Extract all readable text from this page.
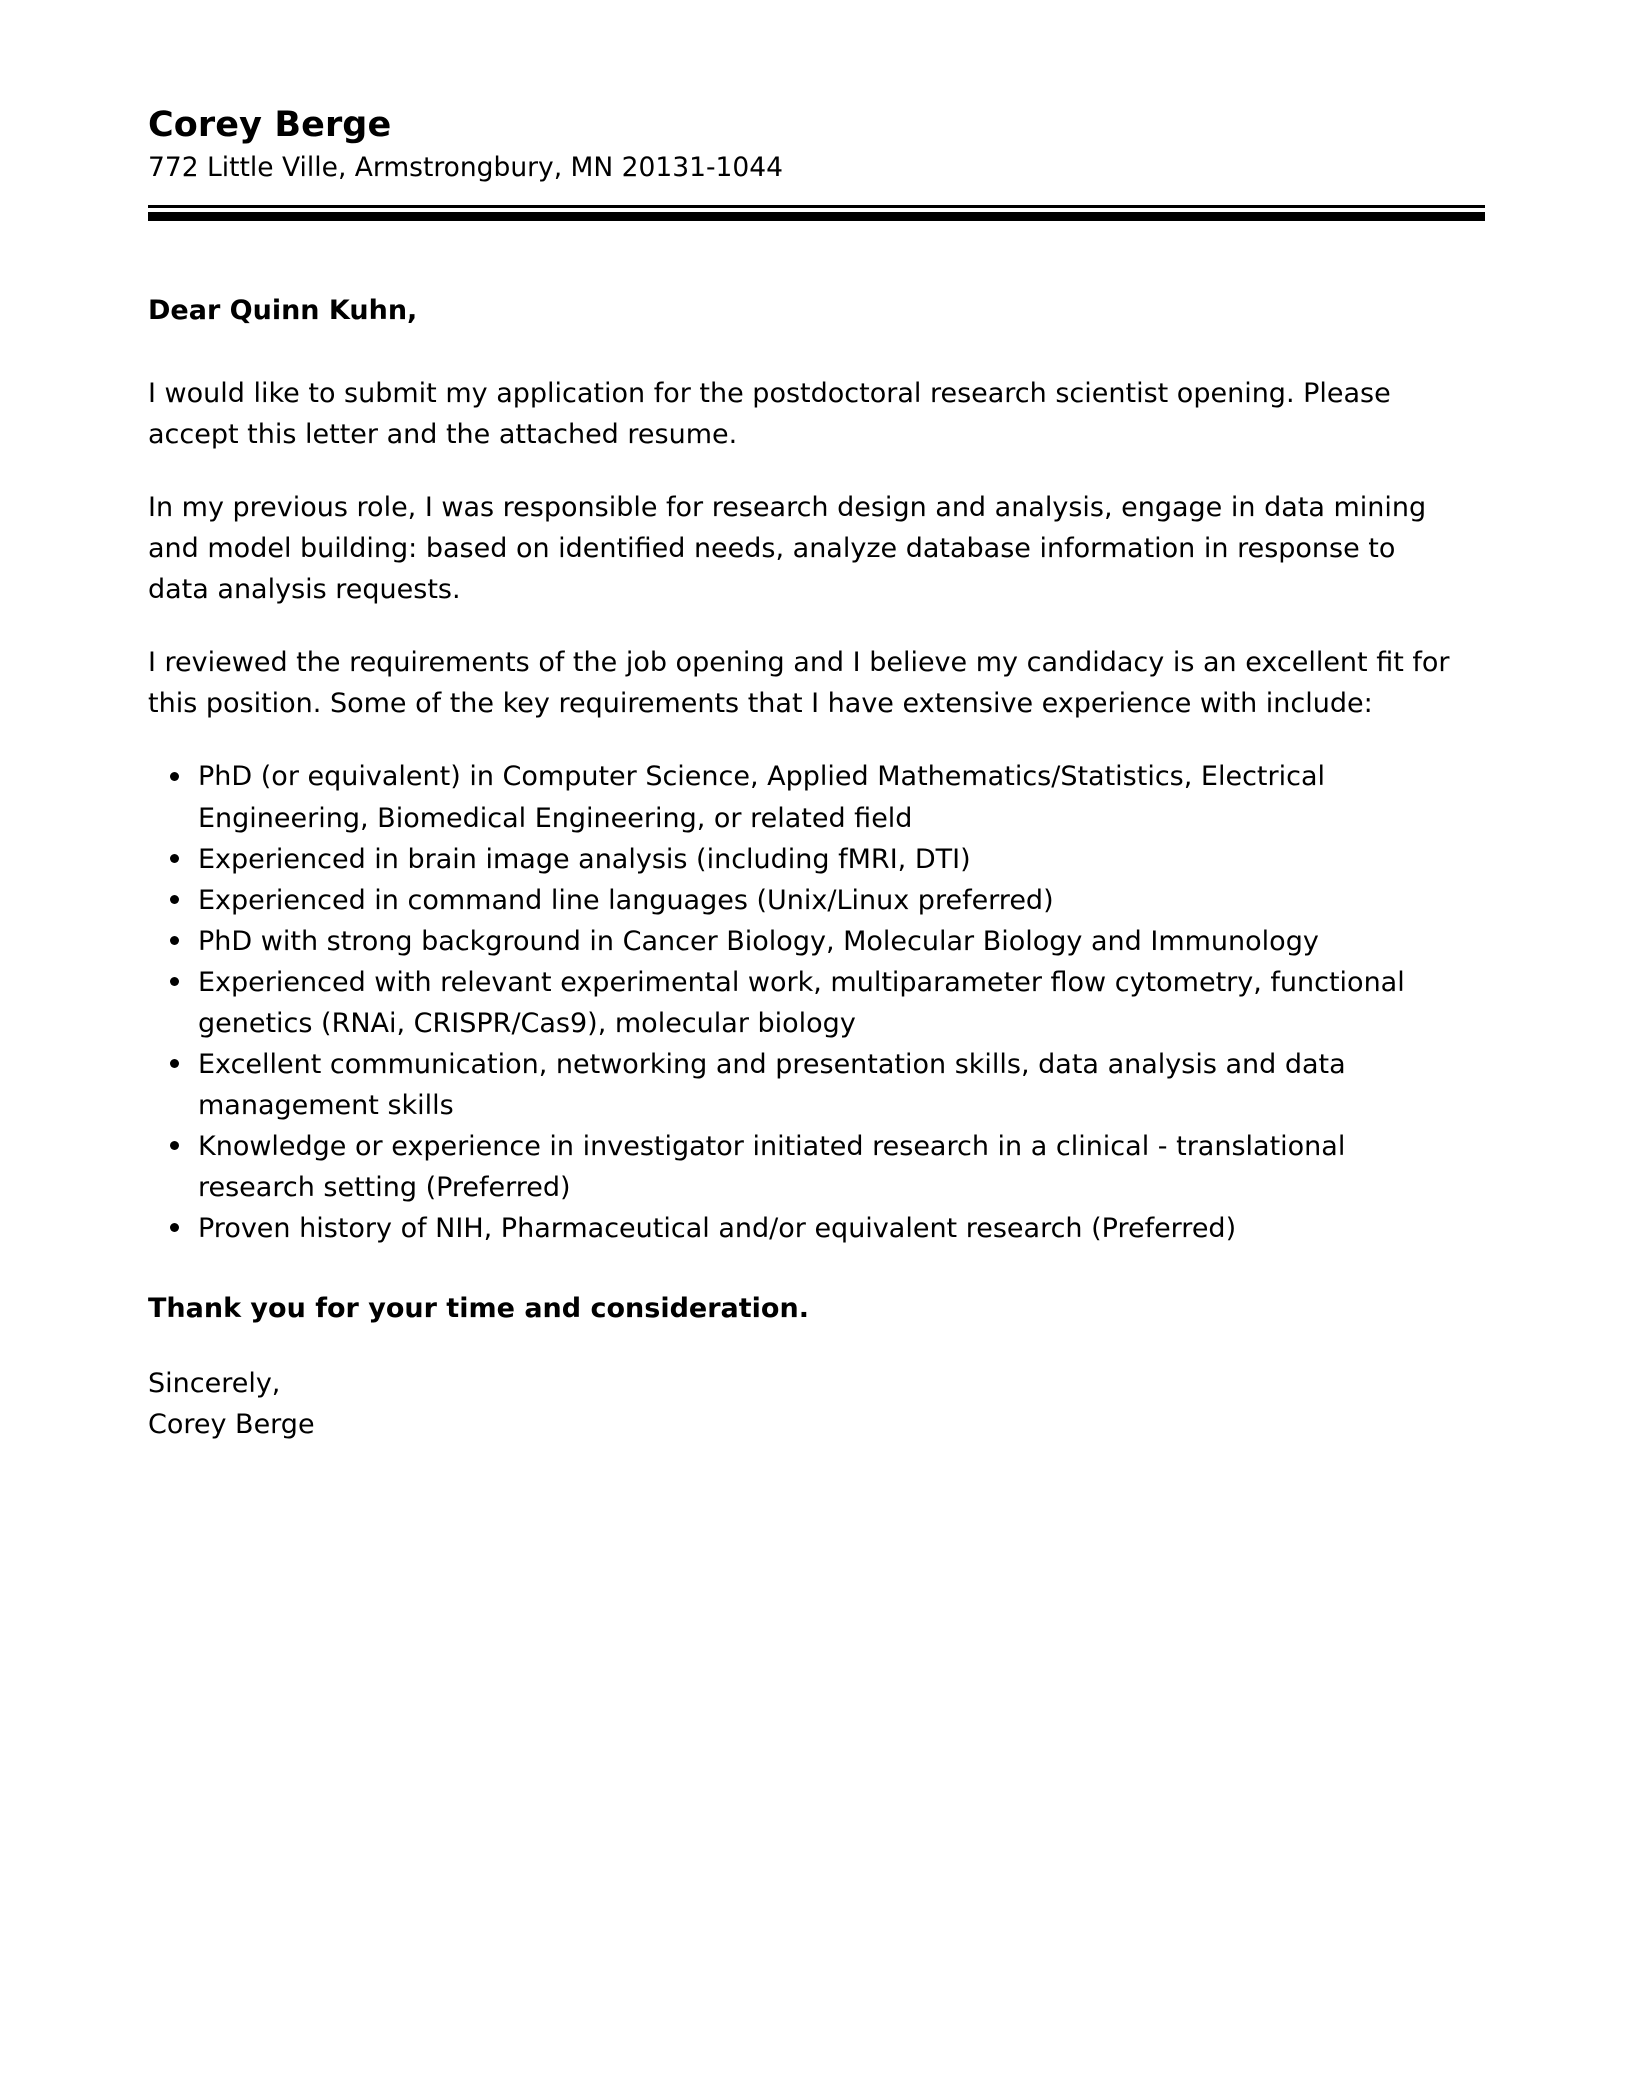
Corey Berge
772 Little Ville, Armstrongbury, MN 20131-1044
Dear Quinn Kuhn,

I would like to submit my application for the postdoctoral research scientist opening. Please accept this letter and the attached resume.

In my previous role, I was responsible for research design and analysis, engage in data mining and model building: based on identified needs, analyze database information in response to data analysis requests.

I reviewed the requirements of the job opening and I believe my candidacy is an excellent fit for this position. Some of the key requirements that I have extensive experience with include:

PhD (or equivalent) in Computer Science, Applied Mathematics/Statistics, Electrical Engineering, Biomedical Engineering, or related field
Experienced in brain image analysis (including fMRI, DTI)
Experienced in command line languages (Unix/Linux preferred)
PhD with strong background in Cancer Biology, Molecular Biology and Immunology
Experienced with relevant experimental work, multiparameter flow cytometry, functional genetics (RNAi, CRISPR/Cas9), molecular biology
Excellent communication, networking and presentation skills, data analysis and data management skills
Knowledge or experience in investigator initiated research in a clinical - translational research setting (Preferred)
Proven history of NIH, Pharmaceutical and/or equivalent research (Preferred)
Thank you for your time and consideration.
Sincerely,
Corey Berge
